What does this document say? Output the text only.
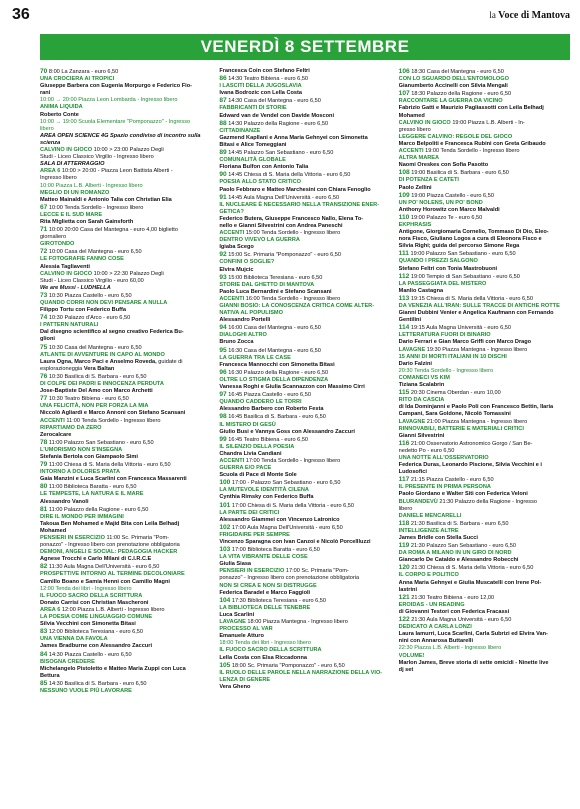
36	la Voce di Mantova
VENERDÌ 8 SETTEMBRE
70 8:00 La Zanzara - euro 6,50
UNA CROCIERA AI TROPICI
Giuseppe Barbera con Eugenia Morpurgo e Federico Fio-
rani
10:00 → 20:00 Piazza Leon Lombarda - Ingresso libero
ANIMA LIQUIDA
Roberto Conte
10:00 → 19:00 Scuola Elementare "Pomponazzo" - Ingresso
libero
AREA OPEN SCIENCE 4G Spazio condiviso di incontro sulla
scienza
CALVINO IN GIOCO 10:00 > 23:00 Palazzo Degli
Studi - Liceo Classico Virgilio - Ingresso libero
SALA DI ATTERRAGGIO
AREA 6 10:00 > 20:00 - Piazza Leon Battista Alberti -
Ingresso libero
10:00 Piazza L.B. Alberti - Ingresso libero
MEGLIO DI UN ROMANZO
Matteo Mainaldi e Antonio Talia con Christian Elia
67 10:00 Tenda Sordello - Ingresso libero
LECCE E IL SUD MARE
Rita Miglietta con Sarah Gainsforth
71 10:00 20:00 Casa del Mantegna - euro 4,00 biglietto
giornaliero
GIROTONDO
72 10:00 Casa del Mantegna - euro 6,50
LE FOTOGRAFIE FANNO COSE
Alessia Tagliaventi
CALVINO IN GIOCO 10:00 > 22:30 Palazzo Degli
Studi - Liceo Classico Virgilio - euro 60,00
We are Mussi - LUDHELLA
73 10:30 Piazza Castello - euro 6,50
QUANDO CORRI NON DEVI PENSARE A NULLA
Filippo Tortu con Federico Buffa
74 10:30 Palazzo d'Arco - euro 6,50
I PATTERN NATURALI
Dal disegno scientifico al segno creativo Federica Bu-
glioni
75 10:30 Casa del Mantegna - euro 6,50
ATLANTE DI AVVENTURE IN CAPO AL MONDO
Laura Ogna, Marco Paci e Anselmo Roveda, guidate di
esplorazioneggia Vera Baltan
76 10:30 Basilica di S. Barbara - euro 6,50
DI COLPE DEI PADRI E INNOCENZA PERDUTA
Jose-Baptiste Del Amo con Marco Archetti
77 10:30 Teatro Bibiena - euro 6,50
UNA FELICITÀ, NON PER FORZA LA MIA
Niccolò Agliardi e Marco Annoni con Stefano Scansani
ACCENTI 11:00 Tenda Sordello - Ingresso libero
RIPARTIAMO DA ZERO
Zerocalcare
78 11:00 Palazzo San Sebastiano - euro 6,50
L'UMORISMO NON S'INSEGNA
Stefania Bertola con Giampaolo Simi
79 11:00 Chiesa di S. Maria della Vittoria - euro 6,50
INTORNO A DOLORES PRATA
Gaia Manzini e Luca Scarlini con Francesca Massarenti
80 11:00 Biblioteca Baratta - euro 6,50
LE TEMPESTE, LA NATURA E IL MARE
Alessandro Vanoli
81 11:00 Palazzo della Ragione - euro 6,50
DIRE IL MONDO PER IMMAGINI
Takoua Ben Mohamed e Majid Bita con Leila Belhadj
Mohamed
PENSIERI IN ESERCIZIO 11:00 Sc. Primaria "Pom-
ponazzo" - Ingresso libero con prenotazione obbligatoria
DEMONI, ANGELI E SOCIAL: PEDAGOGIA HACKER
Agnese Trocchi e Carlo Milani di C.I.R.C.E
82 11:30 Aula Magna Dell'Università - euro 6,50
PROSPETTIVE INTORNO AL TERMINE DECOLONIARE
Camillo Boano e Samia Henni con Camillo Magni
12:00 Tenda dei libri - Ingresso libero
IL FUOCO SACRO DELLA SCRITTURA
Donato Carrisi con Christian Mascheroni
AREA 6 12:00 Piazza L.B. Alberti - Ingresso libero
LA POESIA COME LINGUAGGIO COMUNE
Silvia Vecchini con Simonetta Bitasi
83 12:00 Biblioteca Teresiana - euro 6,50
UNA VIENNA DA FAVOLA
James Bradburne con Alessandro Zaccuri
84 14:30 Piazza Castello - euro 6,50
BISOGNA CREDERE
Michelangelo Pistoletto e Matteo Maria Zuppi con Luca
Bettura
85 14:30 Basilica di S. Barbara - euro 6,50
NESSUNO VUOLE PIÙ LAVORARE
Francesca Coin con Stefano Feltri
86 14:30 Teatro Bibiena - euro 6,50
I LASCITI DELLA JUGOSLAVIA
Ivana Bodrozic con Lella Costa
87 14:30 Casa del Mantegna - euro 6,50
FABBRICANTI DI STORIE
Edward van de Vendel con Davide Mosconi
88 14:30 Palazzo della Ragione - euro 6,50
CITTADINANZE
Gazmend Kapllani e Anna Maria Gehnyei con Simonetta
Bitasi e Alice Tomeggiani
89 14:45 Palazzo San Sebastiano - euro 6,50
COMUNALITÀ GLOBALE
Floriana Bulfon con Antonio Talia
90 14:45 Chiesa di S. Maria della Vittoria - euro 6,50
POESIA ALLO STATO CRITICO
Paolo Febbraro e Matteo Marchesini con Chiara Fenoglio
91 14:45 Aula Magna Dell'Università - euro 6,50
IL NUCLEARE È NECESSARIO NELLA TRANSIZIONE ENER-
GETICA?
Federico Butera, Giuseppe Francesco Nallo, Elena To-
nello e Gianni Silvestrini con Andrea Paneschi
ACCENTI 15:00 Tenda Sordello - Ingresso libero
DENTRO VIVEVO LA GUERRA
Igiaba Scego
92 15:00 Sc. Primaria "Pomponazzo" - euro 6,50
CONFINI O SOGLIE?
Elvira Mujcic
93 15:00 Biblioteca Teresiana - euro 6,50
STORIE DAL GHETTO DI MANTOVA
Paolo Luca Bernardini e Stefano Scansani
ACCENTI 16:00 Tenda Sordello - Ingresso libero
GIANNI BOSIO: LA CONOSCENZA CRITICA COME ALTER-
NATIVA AL POPULISMO
Alessandro Portelli
94 16:00 Casa del Mantegna - euro 6,50
DIALOGHI ALTRO
Bruno Zocca
95 16:30 Casa del Mantegna - euro 6,50
LA GUERRA TRA LE CASE
Francesca Mannocchi con Simonetta Bitasi
96 16:30 Palazzo della Ragione - euro 6,50
OLTRE LO STIGMA DELLA DIPENDENZA
Vanessa Roghi e Giulia Scannazzon con Massimo Cirri
97 16:45 Piazza Castello - euro 6,50
QUANDO CADDERO LE TORRI
Alessandro Barbero con Roberto Festa
98 16:45 Basilica di S. Barbara - euro 6,50
IL MISTERO DI GESÙ
Giulio Busi e Vannya Goss con Alessandro Zaccuri
99 16:45 Teatro Bibiena - euro 6,50
IL SILENZIO DELLA POESIA
Chandra Livia Candiani
ACCENTI 17:00 Tenda Sordello - Ingresso libero
GUERRA E/O PACE
Scuola di Pace di Monte Sole
100 17:00 - Palazzo San Sebastiano - euro 6,50
LA MUTEVOLE IDENTITÀ CILENA
Cynthia Rimsky con Federico Buffa
101 17:00 Chiesa di S. Maria della Vittoria - euro 6,50
LA PARTE DEI CRITICI
Alessandro Giammei con Vincenzo Latronico
102 17:00 Aula Magna Dell'Università - euro 6,50
FRIGIDAIRE PER SEMPRE
Vincenzo Sparagna con Ivan Canzoi e Nicolò Porcellluzzi
103 17:00 Biblioteca Baratta - euro 6,50
LA VITA VIBRANTE DELLE COSE
Giulia Siasa
PENSIERI IN ESERCIZIO 17:00 Sc. Primaria "Pom-
ponazzo" - Ingresso libero con prenotazione obbligatoria
NON SI CREA E NON SI DISTRUGGE
Federica Baradel e Marco Faggioli
104 17:30 Biblioteca Teresiana - euro 6,50
LA BIBLIOTECA DELLE TENEBRE
Luca Scarlini
LAVAGNE 18:00 Piazza Mantegna - Ingresso libero
PROCESSO AL VAR
Emanuele Atturo
18:00 Tenda dei libri - Ingresso libero
IL FUOCO SACRO DELLA SCRITTURA
Lella Costa con Elsa Riccadonna
105 18:00 Sc. Primaria "Pomponazzo" - euro 6,50
IL RUOLO DELLE PAROLE NELLA NARRAZIONE DELLA VIO-
LENZA DI GENERE
Vera Gheno
106 18:30 Casa del Mantegna - euro 6,50
CON LO SGUARDO DELL'ENTOMOLOGO
Gianumberto Accinelli con Silvia Mengali
107 18:30 Palazzo della Ragione - euro 6,50
RACCONTARE LA GUERRA DA VICINO
Fabrizio Gatti e Maurizio Pagliassotti con Leila Belhadj
Mohamed
CALVINO IN GIOCO 19:00 Piazza L.B. Alberti - In-
gresso libero
LEGGERE CALVINO: REGOLE DEL GIOCO
Marco Belpoliti e Francesca Rubini con Greta Gribaudo
ACCENTI 19:00 Tenda Sordello - Ingresso libero
ALTRA MAREA
Naomi Oreskes con Sofia Pasotto
108 19:00 Basilica di S. Barbara - euro 6,50
DI POTENZA E CATETI
Paolo Zellini
109 19:00 Piazza Castello - euro 6,50
UN PO' NOLENS, UN PO' BOND
Anthony Horowitz con Marco Malvaldi
110 19:00 Palazzo Te - euro 6,50
EKPHRASIS
Antigone, Giorgiomaria Cornelio, Tommaso Di Dio, Eleo-
nora Fisco, Giuliano Logos a cura di Eleonora Fisco e
Silvia Righi; guida del percorso Simone Rega
111 19:00 Palazzo San Sebastiano - euro 6,50
QUANDO I PREZZI SALGONO
Stefano Feltri con Tonia Mastrobuoni
112 19:00 Tempio di San Sebastiano - euro 6,50
LA PASSEGGIATA DEL MISTERO
Manlio Castagna
113 19:15 Chiesa di S. Maria della Vittoria - euro 6,50
DA VENEZIA ALL'IRAN: SULLE TRACCE DI ANTICHE ROTTE
Gianni Dubbini Venier e Angelica Kaufmann con Fernando
Gentilini
114 19:15 Aula Magna Università - euro 6,50
LETTERATURA FUORI DI BINARIO
Dario Ferrari e Gian Marco Griffi con Marco Drago
LAVAGNE 19:30 Piazza Mantegna - Ingresso libero
15 ANNI DI MORTI ITALIANI IN 10 DISCHI
Dario Falzini
20:30 Tenda Sordello - Ingresso libero
COMANECI VS KIM
Tiziana Scalabrin
115 20:30 Cinema Oberdan - euro 10,00
RITO DA CASCIA
di Ida Dominjanni e Paolo Poli con Francesco Bettin, Ilaria
Campani, Sara Goldone, Nicolò Tomassini
LAVAGNE 21:00 Piazza Mantegna - Ingresso libero
RINNOVABILI, BATTERIE E MATERIALI CRITICI
Gianni Silvestrini
116 21:00 Osservatorio Astronomico Gorgo / San Be-
nedetto Po - euro 6,50
UNA NOTTE ALL'OSSERVATORIO
Federica Duras, Leonardo Piscione, Silvia Vecchini e i
Ludosofici
117 21:15 Piazza Castello - euro 6,50
IL PRESENTE IN PRIMA PERSONA
Paolo Giordano e Walter Siti con Federica Veloni
BLURANDEVÙ 21:30 Palazzo della Ragione - Ingresso
libero
DANIELE MENCARELLI
118 21:30 Basilica di S. Barbara - euro 6,50
INTELLIGENZE ALTRE
James Bridle con Stella Succi
119 21:30 Palazzo San Sebastiano - euro 6,50
DA ROMA A MILANO IN UN GIRO DI NORD
Giancarlo De Cataldo e Alessandro Robecchi
120 21:30 Chiesa di S. Maria della Vittoria - euro 6,50
IL CORPO E POLITICO
Anna Maria Gehnyei e Giulia Muscatelli con Irene Pol-
lastrini
121 21:30 Teatro Bibiena - euro 12,00
EROIDAS - UN READING
di Giovanni Testori con Federica Fracassi
122 21:30 Aula Magna Università - euro 6,50
DEDICATO A CARLA LONZI
Laura Iamurri, Luca Scarlini, Carla Subrizi ed Elvira Van-
nini con Annarosa Buttarelli
22:30 Piazza L.B. Alberti - Ingresso libero
VOLUME!
Marlon James, Breve storia di sette omicidi - Ninette live
dj set
